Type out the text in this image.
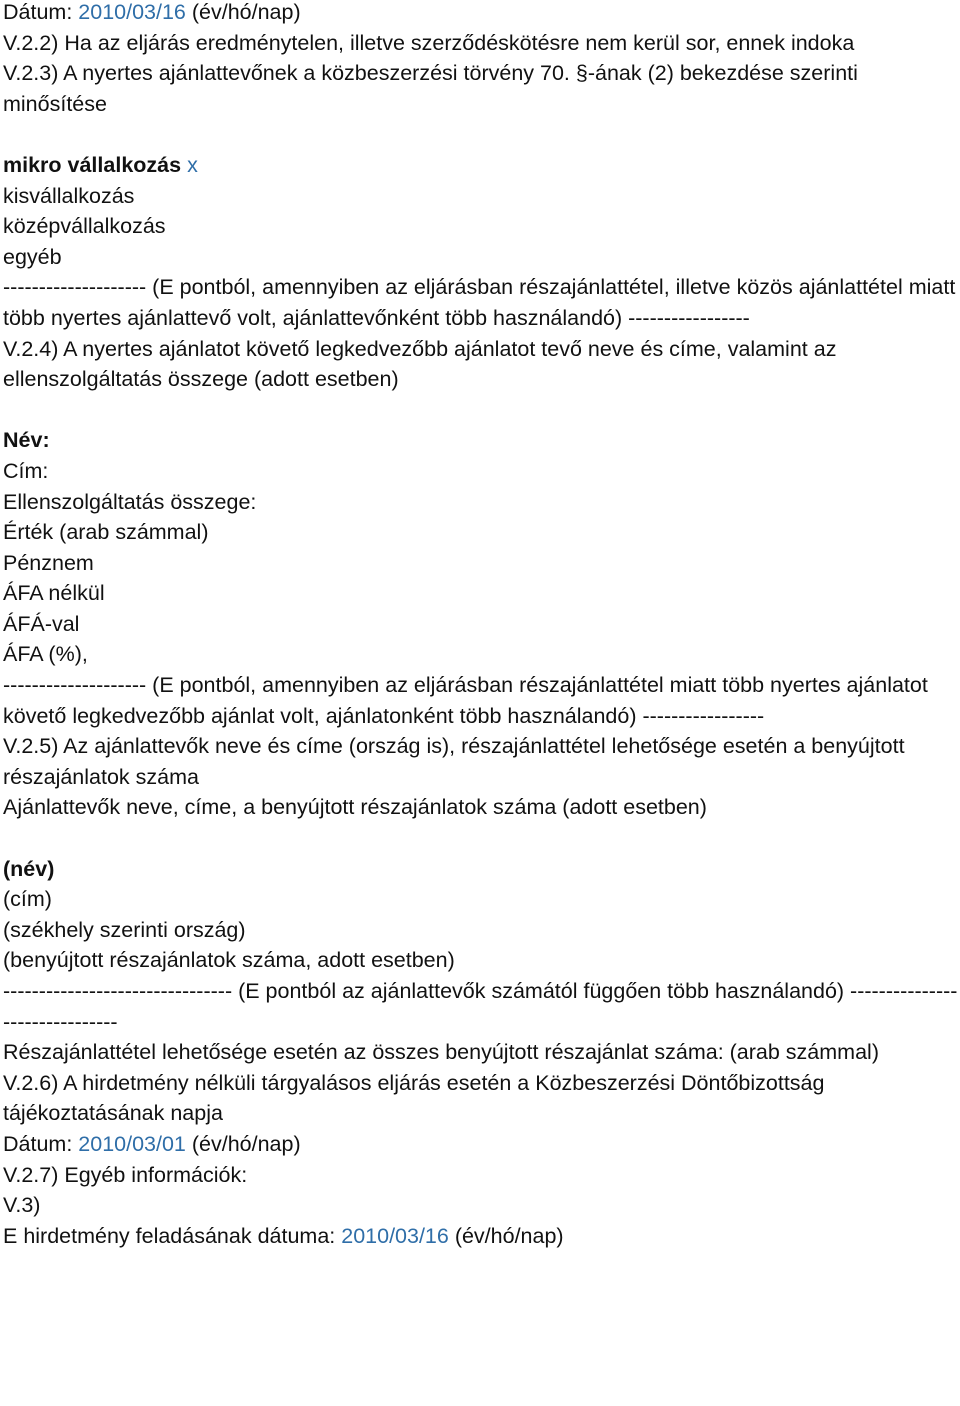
Dátum: 2010/03/16 (év/hó/nap)
V.2.2) Ha az eljárás eredménytelen, illetve szerződéskötésre nem kerül sor, ennek indoka
V.2.3) A nyertes ajánlattevőnek a közbeszerzési törvény 70. §-ának (2) bekezdése szerinti minősítése
mikro vállalkozás x
kisvállalkozás
középvállalkozás
egyéb
-------------------- (E pontból, amennyiben az eljárásban részajánlattétel, illetve közös ajánlattétel miatt több nyertes ajánlattevő volt, ajánlattevőnként több használandó) -----------------
V.2.4) A nyertes ajánlatot követő legkedvezőbb ajánlatot tevő neve és címe, valamint az ellenszolgáltatás összege (adott esetben)
Név:
Cím:
Ellenszolgáltatás összege:
Érték (arab számmal)
Pénznem
ÁFA nélkül
ÁFÁ-val
ÁFA (%),
-------------------- (E pontból, amennyiben az eljárásban részajánlattétel miatt több nyertes ajánlatot követő legkedvezőbb ajánlat volt, ajánlatonként több használandó) -----------------
V.2.5) Az ajánlattevők neve és címe (ország is), részajánlattétel lehetősége esetén a benyújtott részajánlatok száma
Ajánlattevők neve, címe, a benyújtott részajánlatok száma (adott esetben)
(név)
(cím)
(székhely szerinti ország)
(benyújtott részajánlatok száma, adott esetben)
-------------------------------- (E pontból az ajánlattevők számától függően több használandó) -------------------------------
Részajánlattétel lehetősége esetén az összes benyújtott részajánlat száma: (arab számmal)
V.2.6) A hirdetmény nélküli tárgyalásos eljárás esetén a Közbeszerzési Döntőbizottság
tájékoztatásának napja
Dátum: 2010/03/01 (év/hó/nap)
V.2.7) Egyéb információk:
V.3)
E hirdetmény feladásának dátuma: 2010/03/16 (év/hó/nap)
